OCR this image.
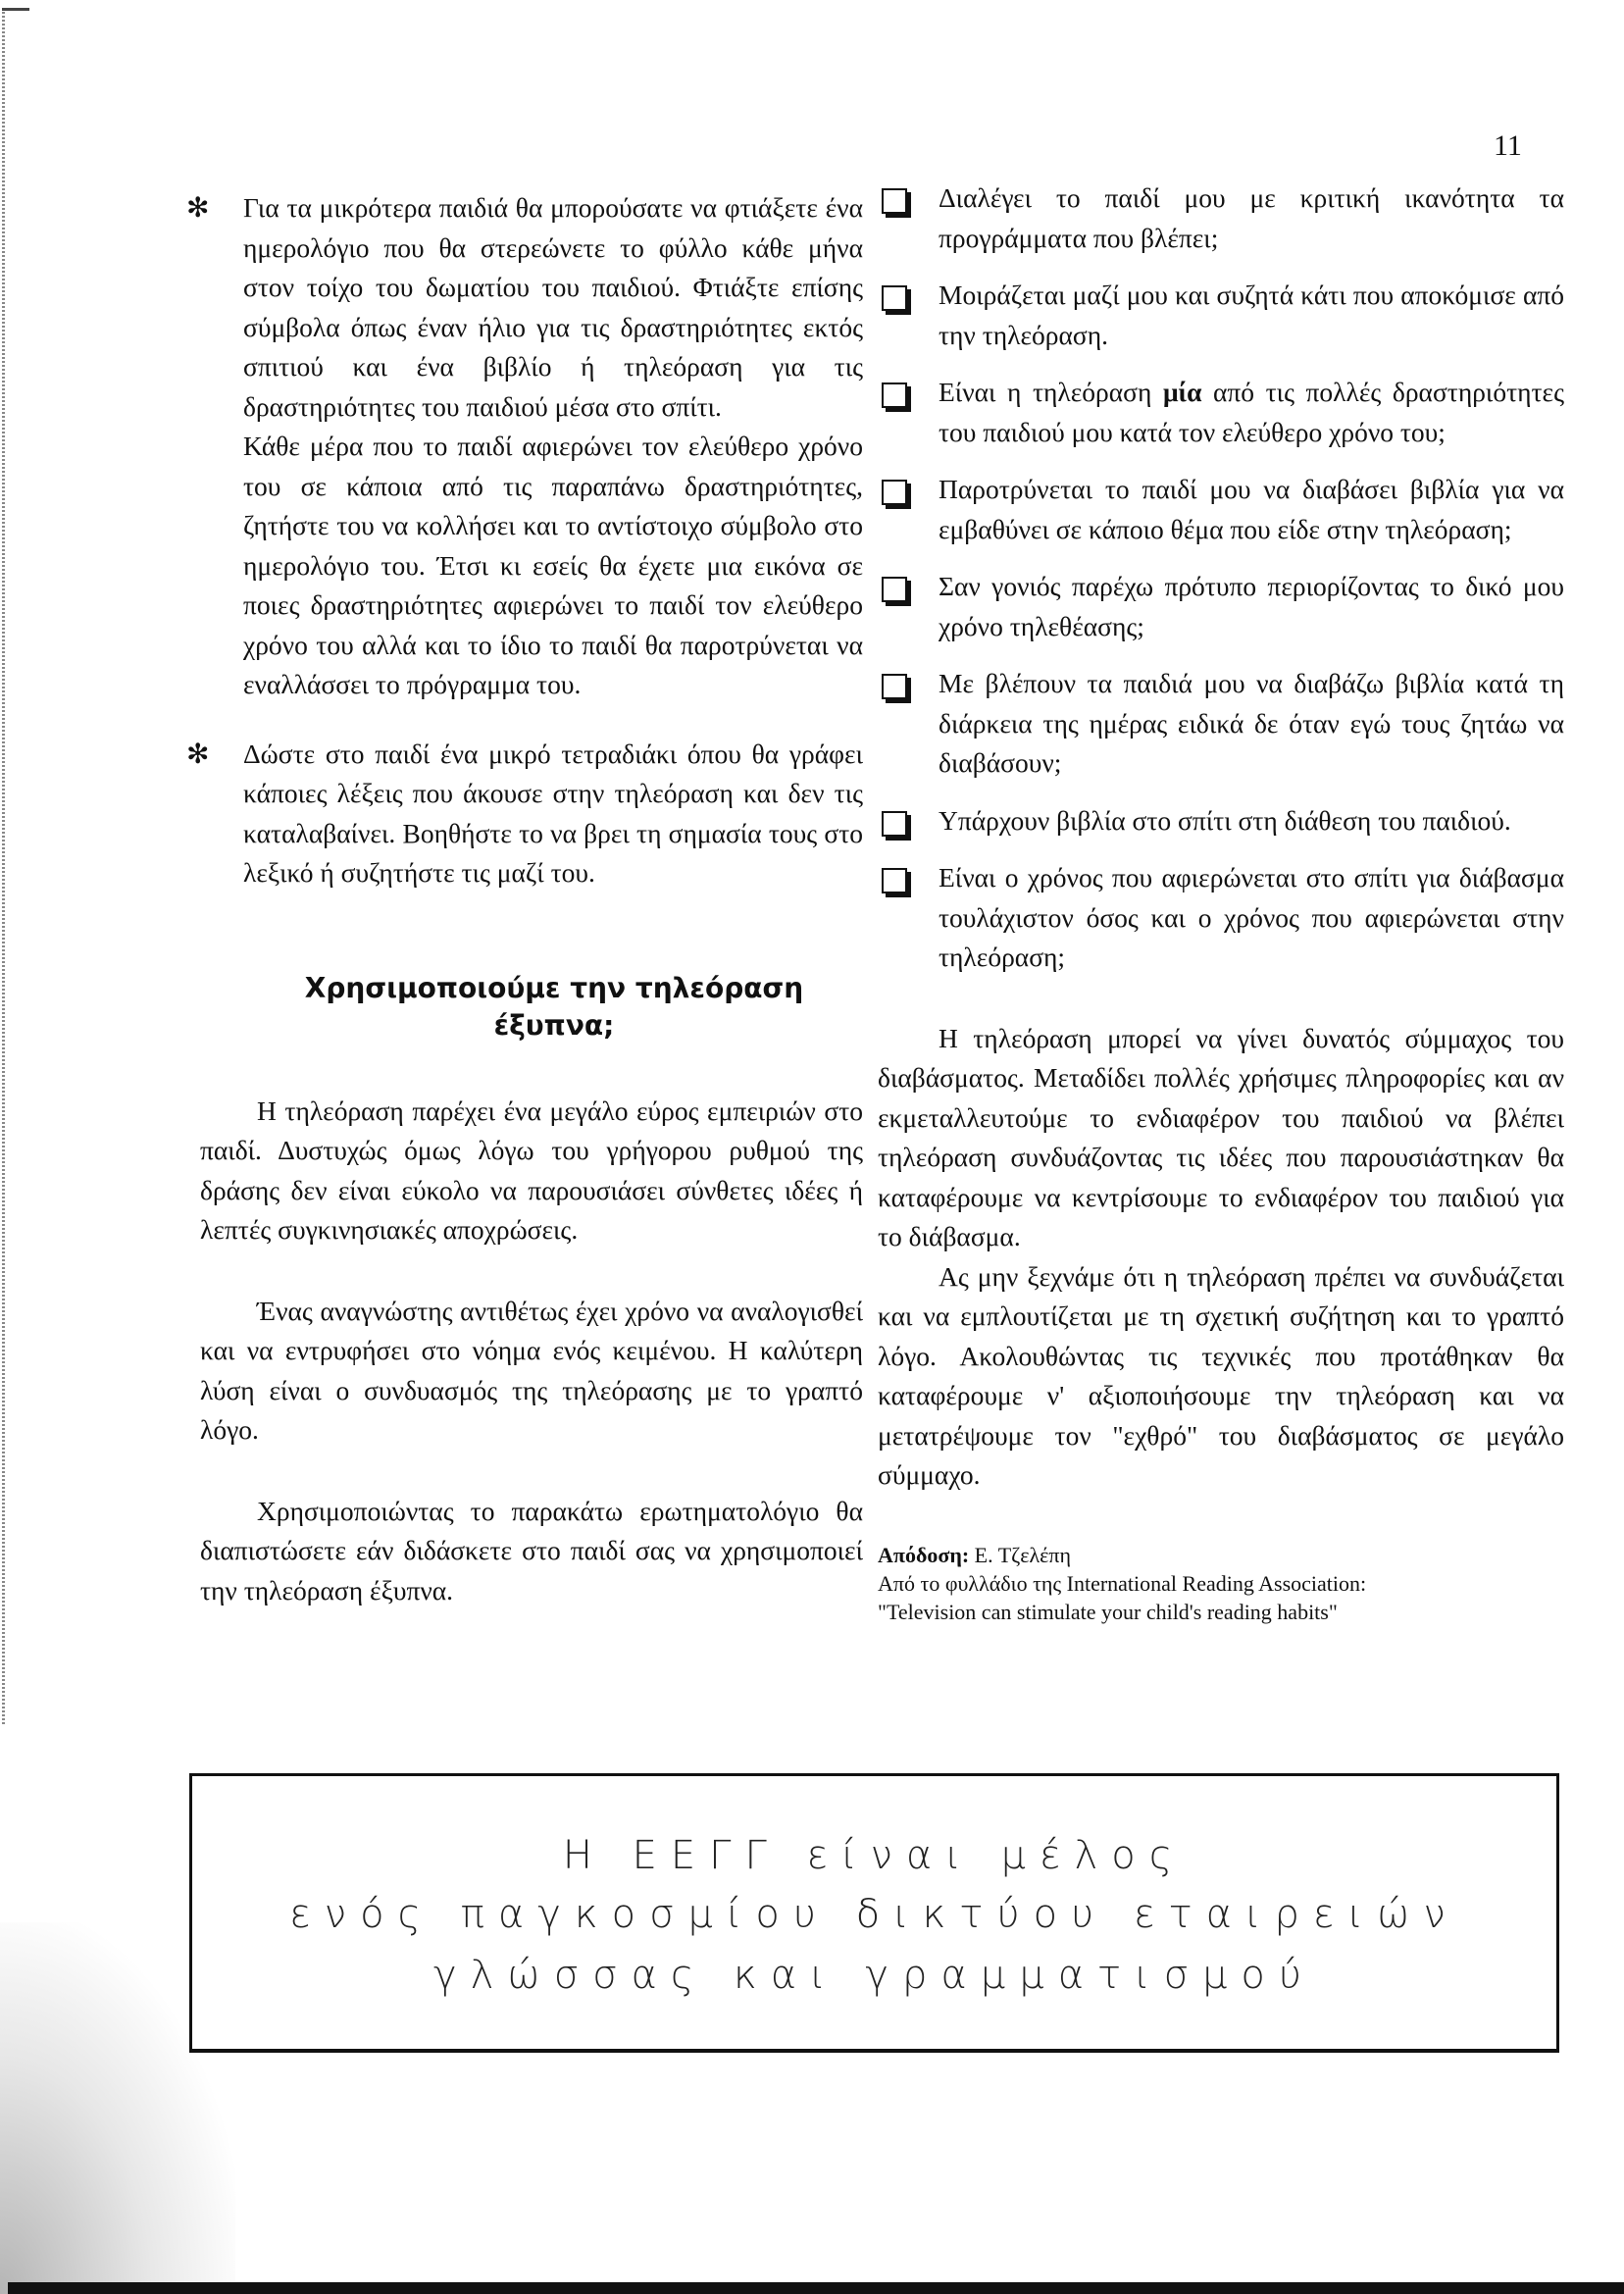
11
✻ Για τα μικρότερα παιδιά θα μπορούσατε να φτιάξετε ένα ημερολόγιο που θα στερεώνετε το φύλλο κάθε μήνα στον τοίχο του δωματίου του παιδιού. Φτιάξτε επίσης σύμβολα όπως έναν ήλιο για τις δραστηριότητες εκτός σπιτιού και ένα βιβλίο ή τηλεόραση για τις δραστηριότητες του παιδιού μέσα στο σπίτι.

Κάθε μέρα που το παιδί αφιερώνει τον ελεύθερο χρόνο του σε κάποια από τις παραπάνω δραστηριότητες, ζητήστε του να κολλήσει και το αντίστοιχο σύμβολο στο ημερολόγιο του. Έτσι κι εσείς θα έχετε μια εικόνα σε ποιες δραστηριότητες αφιερώνει το παιδί τον ελεύθερο χρόνο του αλλά και το ίδιο το παιδί θα παροτρύνεται να εναλλάσσει το πρόγραμμα του.

✻ Δώστε στο παιδί ένα μικρό τετραδιάκι όπου θα γράφει κάποιες λέξεις που άκουσε στην τηλεόραση και δεν τις καταλαβαίνει. Βοηθήστε το να βρει τη σημασία τους στο λεξικό ή συζητήστε τις μαζί του.

Χρησιμοποιούμε την τηλεόραση
έξυπνα;

Η τηλεόραση παρέχει ένα μεγάλο εύρος εμπειριών στο παιδί. Δυστυχώς όμως λόγω του γρήγορου ρυθμού της δράσης δεν είναι εύκολο να παρουσιάσει σύνθετες ιδέες ή λεπτές συγκινησιακές αποχρώσεις.

Ένας αναγνώστης αντιθέτως έχει χρόνο να αναλογισθεί και να εντρυφήσει στο νόημα ενός κειμένου. Η καλύτερη λύση είναι ο συνδυασμός της τηλεόρασης με το γραπτό λόγο.

Χρησιμοποιώντας το παρακάτω ερωτηματολόγιο θα διαπιστώσετε εάν διδάσκετε στο παιδί σας να χρησιμοποιεί την τηλεόραση έξυπνα.

Διαλέγει το παιδί μου με κριτική ικανότητα τα προγράμματα που βλέπει;
Μοιράζεται μαζί μου και συζητά κάτι που αποκόμισε από την τηλεόραση.
Είναι η τηλεόραση μία από τις πολλές δραστηριότητες του παιδιού μου κατά τον ελεύθερο χρόνο του;
Παροτρύνεται το παιδί μου να διαβάσει βιβλία για να εμβαθύνει σε κάποιο θέμα που είδε στην τηλεόραση;
Σαν γονιός παρέχω πρότυπο περιορίζοντας το δικό μου χρόνο τηλεθέασης;
Με βλέπουν τα παιδιά μου να διαβάζω βιβλία κατά τη διάρκεια της ημέρας ειδικά δε όταν εγώ τους ζητάω να διαβάσουν;
Υπάρχουν βιβλία στο σπίτι στη διάθεση του παιδιού.
Είναι ο χρόνος που αφιερώνεται στο σπίτι για διάβασμα τουλάχιστον όσος και ο χρόνος που αφιερώνεται στην τηλεόραση;

Η τηλεόραση μπορεί να γίνει δυνατός σύμμαχος του διαβάσματος. Μεταδίδει πολλές χρήσιμες πληροφορίες και αν εκμεταλλευτούμε το ενδιαφέρον του παιδιού να βλέπει τηλεόραση συνδυάζοντας τις ιδέες που παρουσιάστηκαν θα καταφέρουμε να κεντρίσουμε το ενδιαφέρον του παιδιού για το διάβασμα.

Ας μην ξεχνάμε ότι η τηλεόραση πρέπει να συνδυάζεται και να εμπλουτίζεται με τη σχετική συζήτηση και το γραπτό λόγο. Ακολουθώντας τις τεχνικές που προτάθηκαν θα καταφέρουμε ν' αξιοποιήσουμε την τηλεόραση και να μετατρέψουμε τον "εχθρό" του διαβάσματος σε μεγάλο σύμμαχο.

Απόδοση: Ε. Τζελέπη
Από το φυλλάδιο της International Reading Association:
"Television can stimulate your child's reading habits"
Η ΕΕΓΓ είναι μέλος
ενός παγκοσμίου δικτύου εταιρειών
γλώσσας και γραμματισμού
